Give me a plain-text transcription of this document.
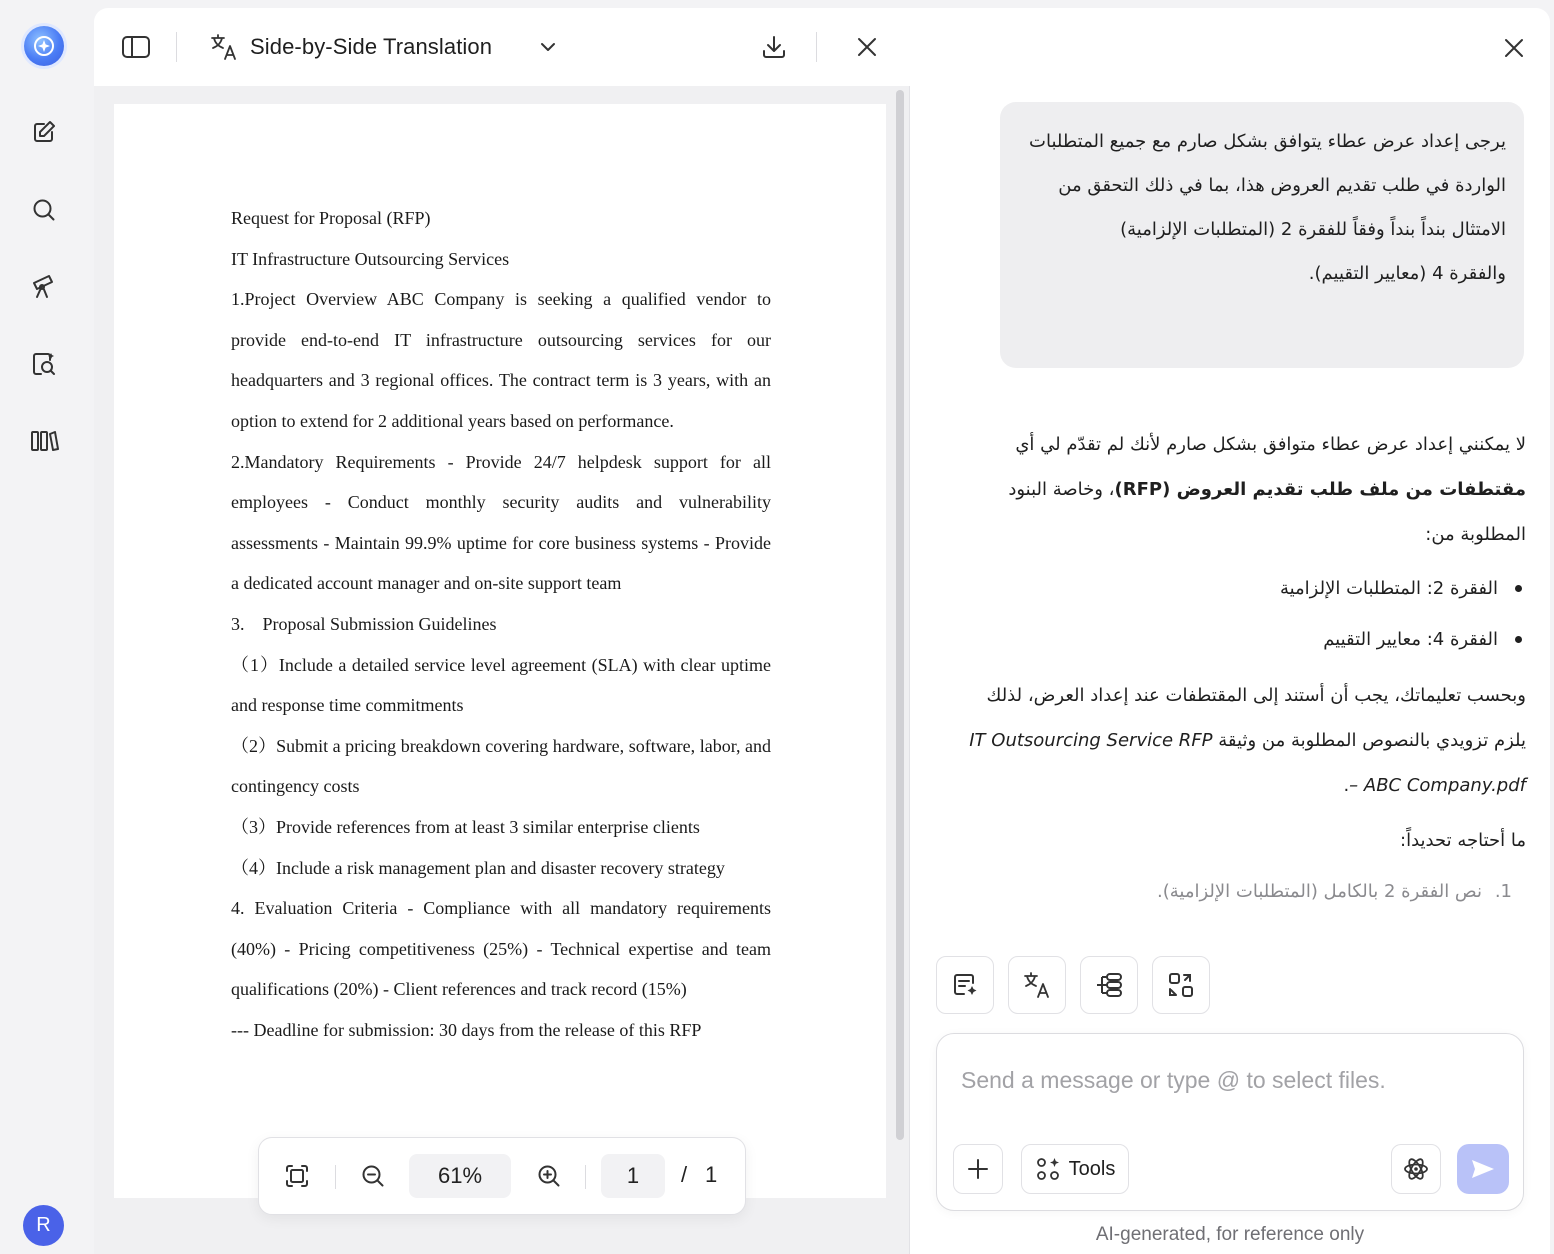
R
Side-by-Side Translation

Request for Proposal (RFP)

IT Infrastructure Outsourcing Services

1.Project Overview ABC Company is seeking a qualified vendor to provide end-to-end IT infrastructure outsourcing services for our headquarters and 3 regional offices. The contract term is 3 years, with an option to extend for 2 additional years based on performance.

2.Mandatory Requirements - Provide 24/7 helpdesk support for all employees - Conduct monthly security audits and vulnerability assessments - Maintain 99.9% uptime for core business systems - Provide a dedicated account manager and on-site support team

3.    Proposal Submission Guidelines

（1）Include a detailed service level agreement (SLA) with clear uptime and response time commitments

（2）Submit a pricing breakdown covering hardware, software, labor, and contingency costs

（3）Provide references from at least 3 similar enterprise clients

（4）Include a risk management plan and disaster recovery strategy

4. Evaluation Criteria - Compliance with all mandatory requirements (40%) - Pricing competitiveness (25%) - Technical expertise and team qualifications (20%) - Client references and track record (15%)

--- Deadline for submission: 30 days from the release of this RFP

61%	1	/ 1
يرجى إعداد عرض عطاء يتوافق بشكل صارم مع جميع المتطلبات الواردة في طلب تقديم العروض هذا، بما في ذلك التحقق من الامتثال بنداً بنداً وفقاً للفقرة 2 (المتطلبات الإلزامية)
والفقرة 4 (معايير التقييم).

لا يمكنني إعداد عرض عطاء متوافق بشكل صارم لأنك لم تقدّم لي أي مقتطفات من ملف طلب تقديم العروض (RFP)، وخاصة البنود المطلوبة من:

الفقرة 2: المتطلبات الإلزامية
الفقرة 4: معايير التقييم

وبحسب تعليماتك، يجب أن أستند إلى المقتطفات عند إعداد العرض، لذلك يلزم تزويدي بالنصوص المطلوبة من وثيقة IT Outsourcing Service RFP – ABC Company.pdf.

ما أحتاجه تحديداً:

1.
نص الفقرة 2 بالكامل (المتطلبات الإلزامية).
Send a message or type @ to select files.
Tools
AI-generated, for reference only
